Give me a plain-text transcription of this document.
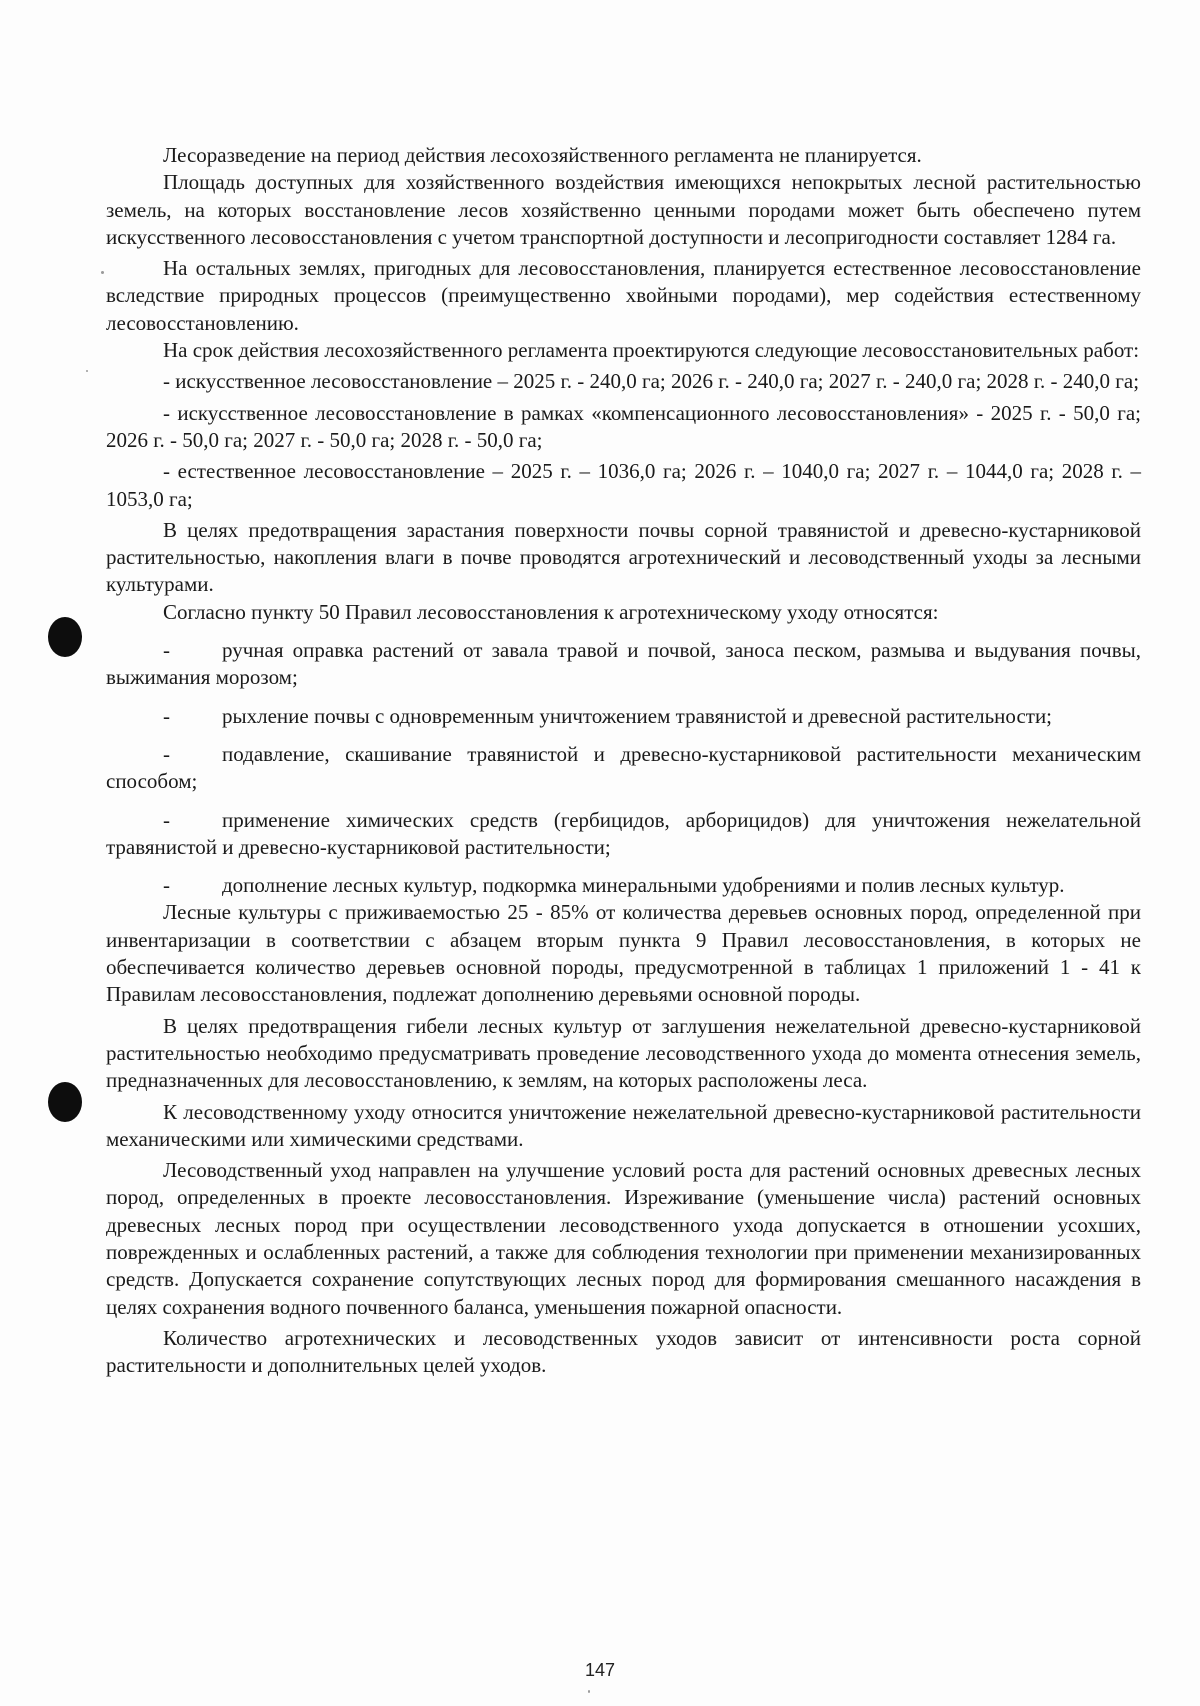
Лесоразведение на период действия лесохозяйственного регламента не планируется.

Площадь доступных для хозяйственного воздействия имеющихся непокрытых лесной растительностью земель, на которых восстановление лесов хозяйственно ценными породами может быть обеспечено путем искусственного лесовосстановления с учетом транспортной доступности и лесопригодности составляет 1284 га.

На остальных землях, пригодных для лесовосстановления, планируется естественное лесовосстановление вследствие природных процессов (преимущественно хвойными породами), мер содействия естественному лесовосстановлению.

На срок действия лесохозяйственного регламента проектируются следующие лесовосстановительных работ:

- искусственное лесовосстановление – 2025 г. - 240,0 га; 2026 г. - 240,0 га; 2027 г. - 240,0 га; 2028 г. - 240,0 га;

- искусственное лесовосстановление в рамках «компенсационного лесовосстановления» - 2025 г. - 50,0 га; 2026 г. - 50,0 га; 2027 г. - 50,0 га; 2028 г. - 50,0 га;

- естественное лесовосстановление – 2025 г. – 1036,0 га; 2026 г. – 1040,0 га; 2027 г. – 1044,0 га; 2028 г. – 1053,0 га;

В целях предотвращения зарастания поверхности почвы сорной травянистой и древесно-кустарниковой растительностью, накопления влаги в почве проводятся агротехнический и лесоводственный уходы за лесными культурами.

Согласно пункту 50 Правил лесовосстановления к агротехническому уходу относятся:

- ручная оправка растений от завала травой и почвой, заноса песком, размыва и выдувания почвы, выжимания морозом;

- рыхление почвы с одновременным уничтожением травянистой и древесной растительности;

- подавление, скашивание травянистой и древесно-кустарниковой растительности механическим способом;

- применение химических средств (гербицидов, арборицидов) для уничтожения нежелательной травянистой и древесно-кустарниковой растительности;

- дополнение лесных культур, подкормка минеральными удобрениями и полив лесных культур.

Лесные культуры с приживаемостью 25 - 85% от количества деревьев основных пород, определенной при инвентаризации в соответствии с абзацем вторым пункта 9 Правил лесовосстановления, в которых не обеспечивается количество деревьев основной породы, предусмотренной в таблицах 1 приложений 1 - 41 к Правилам лесовосстановления, подлежат дополнению деревьями основной породы.

В целях предотвращения гибели лесных культур от заглушения нежелательной древесно-кустарниковой растительностью необходимо предусматривать проведение лесоводственного ухода до момента отнесения земель, предназначенных для лесовосстановлению, к землям, на которых расположены леса.

К лесоводственному уходу относится уничтожение нежелательной древесно-кустарниковой растительности механическими или химическими средствами.

Лесоводственный уход направлен на улучшение условий роста для растений основных древесных лесных пород, определенных в проекте лесовосстановления. Изреживание (уменьшение числа) растений основных древесных лесных пород при осуществлении лесоводственного ухода допускается в отношении усохших, поврежденных и ослабленных растений, а также для соблюдения технологии при применении механизированных средств. Допускается сохранение сопутствующих лесных пород для формирования смешанного насаждения в целях сохранения водного почвенного баланса, уменьшения пожарной опасности.

Количество агротехнических и лесоводственных уходов зависит от интенсивности роста сорной растительности и дополнительных целей уходов.

147
